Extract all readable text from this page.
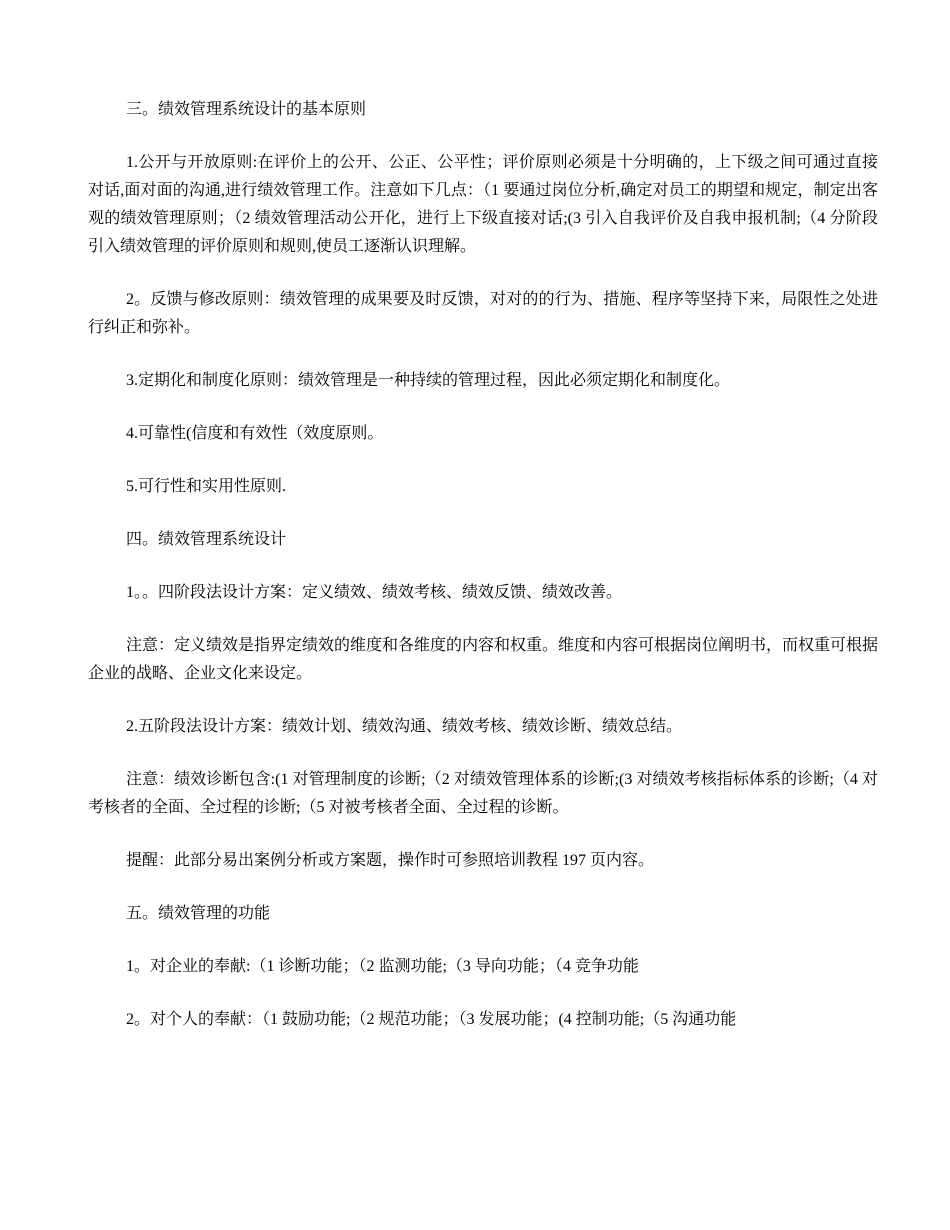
三。绩效管理系统设计的基本原则

1.公开与开放原则:在评价上的公开、公正、公平性；评价原则必须是十分明确的，上下级之间可通过直接对话,面对面的沟通,进行绩效管理工作。注意如下几点：（1 要通过岗位分析,确定对员工的期望和规定，制定出客观的绩效管理原则；（2 绩效管理活动公开化，进行上下级直接对话;(3 引入自我评价及自我申报机制;（4 分阶段引入绩效管理的评价原则和规则,使员工逐渐认识理解。

2。反馈与修改原则：绩效管理的成果要及时反馈，对对的的行为、措施、程序等坚持下来，局限性之处进行纠正和弥补。

3.定期化和制度化原则：绩效管理是一种持续的管理过程，因此必须定期化和制度化。

4.可靠性(信度和有效性（效度原则。

5.可行性和实用性原则.

四。绩效管理系统设计

1。。四阶段法设计方案：定义绩效、绩效考核、绩效反馈、绩效改善。

注意：定义绩效是指界定绩效的维度和各维度的内容和权重。维度和内容可根据岗位阐明书，而权重可根据企业的战略、企业文化来设定。

2.五阶段法设计方案：绩效计划、绩效沟通、绩效考核、绩效诊断、绩效总结。

注意：绩效诊断包含:(1 对管理制度的诊断;（2 对绩效管理体系的诊断;(3 对绩效考核指标体系的诊断;（4 对考核者的全面、全过程的诊断;（5 对被考核者全面、全过程的诊断。

提醒：此部分易出案例分析或方案题，操作时可参照培训教程 197 页内容。

五。绩效管理的功能

1。对企业的奉献:（1 诊断功能；（2 监测功能;（3 导向功能；（4 竞争功能

2。对个人的奉献：（1 鼓励功能;（2 规范功能；（3 发展功能；(4 控制功能;（5 沟通功能
